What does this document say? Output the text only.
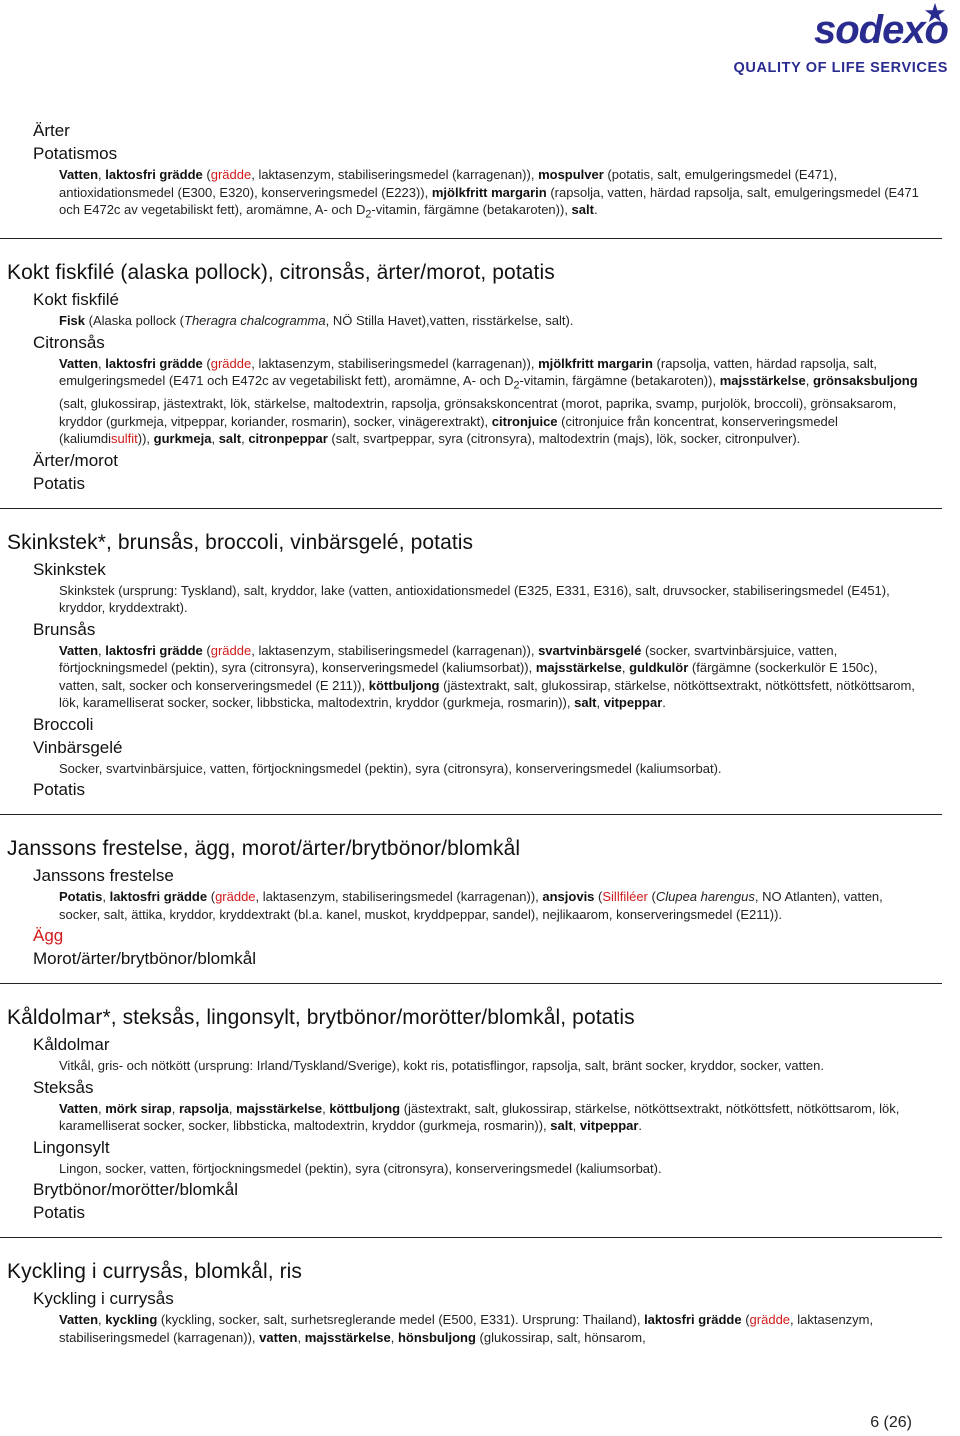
sodexo
QUALITY OF LIFE SERVICES
Ärter
Potatismos
Vatten, laktosfri grädde (grädde, laktasenzym, stabiliseringsmedel (karragenan)), mospulver (potatis, salt, emulgeringsmedel (E471), antioxidationsmedel (E300, E320), konserveringsmedel (E223)), mjölkfritt margarin (rapsolja, vatten, härdad rapsolja, salt, emulgeringsmedel (E471 och E472c av vegetabiliskt fett), aromämne, A- och $D_2$-vitamin, färgämne (betakaroten)), salt.
Kokt fiskfilé (alaska pollock), citronsås, ärter/morot, potatis
Kokt fiskfilé
Fisk (Alaska pollock (Theragra chalcogramma, NÖ Stilla Havet),vatten, risstärkelse, salt).
Citronsås
Vatten, laktosfri grädde (grädde, laktasenzym, stabiliseringsmedel (karragenan)), mjölkfritt margarin (rapsolja, vatten, härdad rapsolja, salt, emulgeringsmedel (E471 och E472c av vegetabiliskt fett), aromämne, A- och $D_2$-vitamin, färgämne (betakaroten)), majsstärkelse, grönsaksbuljong (salt, glukossirap, jästextrakt, lök, stärkelse, maltodextrin, rapsolja, grönsakskoncentrat (morot, paprika, svamp, purjolök, broccoli), grönsaksarom, kryddor (gurkmeja, vitpeppar, koriander, rosmarin), socker, vinägerextrakt), citronjuice (citronjuice från koncentrat, konserveringsmedel (kaliumdisulfit)), gurkmeja, salt, citronpeppar (salt, svartpeppar, syra (citronsyra), maltodextrin (majs), lök, socker, citronpulver).
Ärter/morot
Potatis
Skinkstek*, brunsås, broccoli, vinbärsgelé, potatis
Skinkstek
Skinkstek (ursprung: Tyskland), salt, kryddor, lake (vatten, antioxidationsmedel (E325, E331, E316), salt, druvsocker, stabiliseringsmedel (E451), kryddor, kryddextrakt).
Brunsås
Vatten, laktosfri grädde (grädde, laktasenzym, stabiliseringsmedel (karragenan)), svartvinbärsgelé (socker, svartvinbärsjuice, vatten, förtjockningsmedel (pektin), syra (citronsyra), konserveringsmedel (kaliumsorbat)), majsstärkelse, guldkulör (färgämne (sockerkulör E 150c), vatten, salt, socker och konserveringsmedel (E 211)), köttbuljong (jästextrakt, salt, glukossirap, stärkelse, nötköttsextrakt, nötköttsfett, nötköttsarom, lök, karamelliserat socker, socker, libbsticka, maltodextrin, kryddor (gurkmeja, rosmarin)), salt, vitpeppar.
Broccoli
Vinbärsgelé
Socker, svartvinbärsjuice, vatten, förtjockningsmedel (pektin), syra (citronsyra), konserveringsmedel (kaliumsorbat).
Potatis
Janssons frestelse, ägg, morot/ärter/brytbönor/blomkål
Janssons frestelse
Potatis, laktosfri grädde (grädde, laktasenzym, stabiliseringsmedel (karragenan)), ansjovis (Sillfiléer (Clupea harengus, NO Atlanten), vatten, socker, salt, ättika, kryddor, kryddextrakt (bl.a. kanel, muskot, kryddpeppar, sandel), nejlikaarom, konserveringsmedel (E211)).
Ägg
Morot/ärter/brytbönor/blomkål
Kåldolmar*, steksås, lingonsylt, brytbönor/morötter/blomkål, potatis
Kåldolmar
Vitkål, gris- och nötkött (ursprung: Irland/Tyskland/Sverige), kokt ris, potatisflingor, rapsolja, salt, bränt socker, kryddor, socker, vatten.
Steksås
Vatten, mörk sirap, rapsolja, majsstärkelse, köttbuljong (jästextrakt, salt, glukossirap, stärkelse, nötköttsextrakt, nötköttsfett, nötköttsarom, lök, karamelliserat socker, socker, libbsticka, maltodextrin, kryddor (gurkmeja, rosmarin)), salt, vitpeppar.
Lingonsylt
Lingon, socker, vatten, förtjockningsmedel (pektin), syra (citronsyra), konserveringsmedel (kaliumsorbat).
Brytbönor/morötter/blomkål
Potatis
Kyckling i currysås, blomkål, ris
Kyckling i currysås
Vatten, kyckling (kyckling, socker, salt, surhetsreglerande medel (E500, E331). Ursprung: Thailand), laktosfri grädde (grädde, laktasenzym, stabiliseringsmedel (karragenan)), vatten, majsstärkelse, hönsbuljong (glukossirap, salt, hönsarom,
6 (26)
